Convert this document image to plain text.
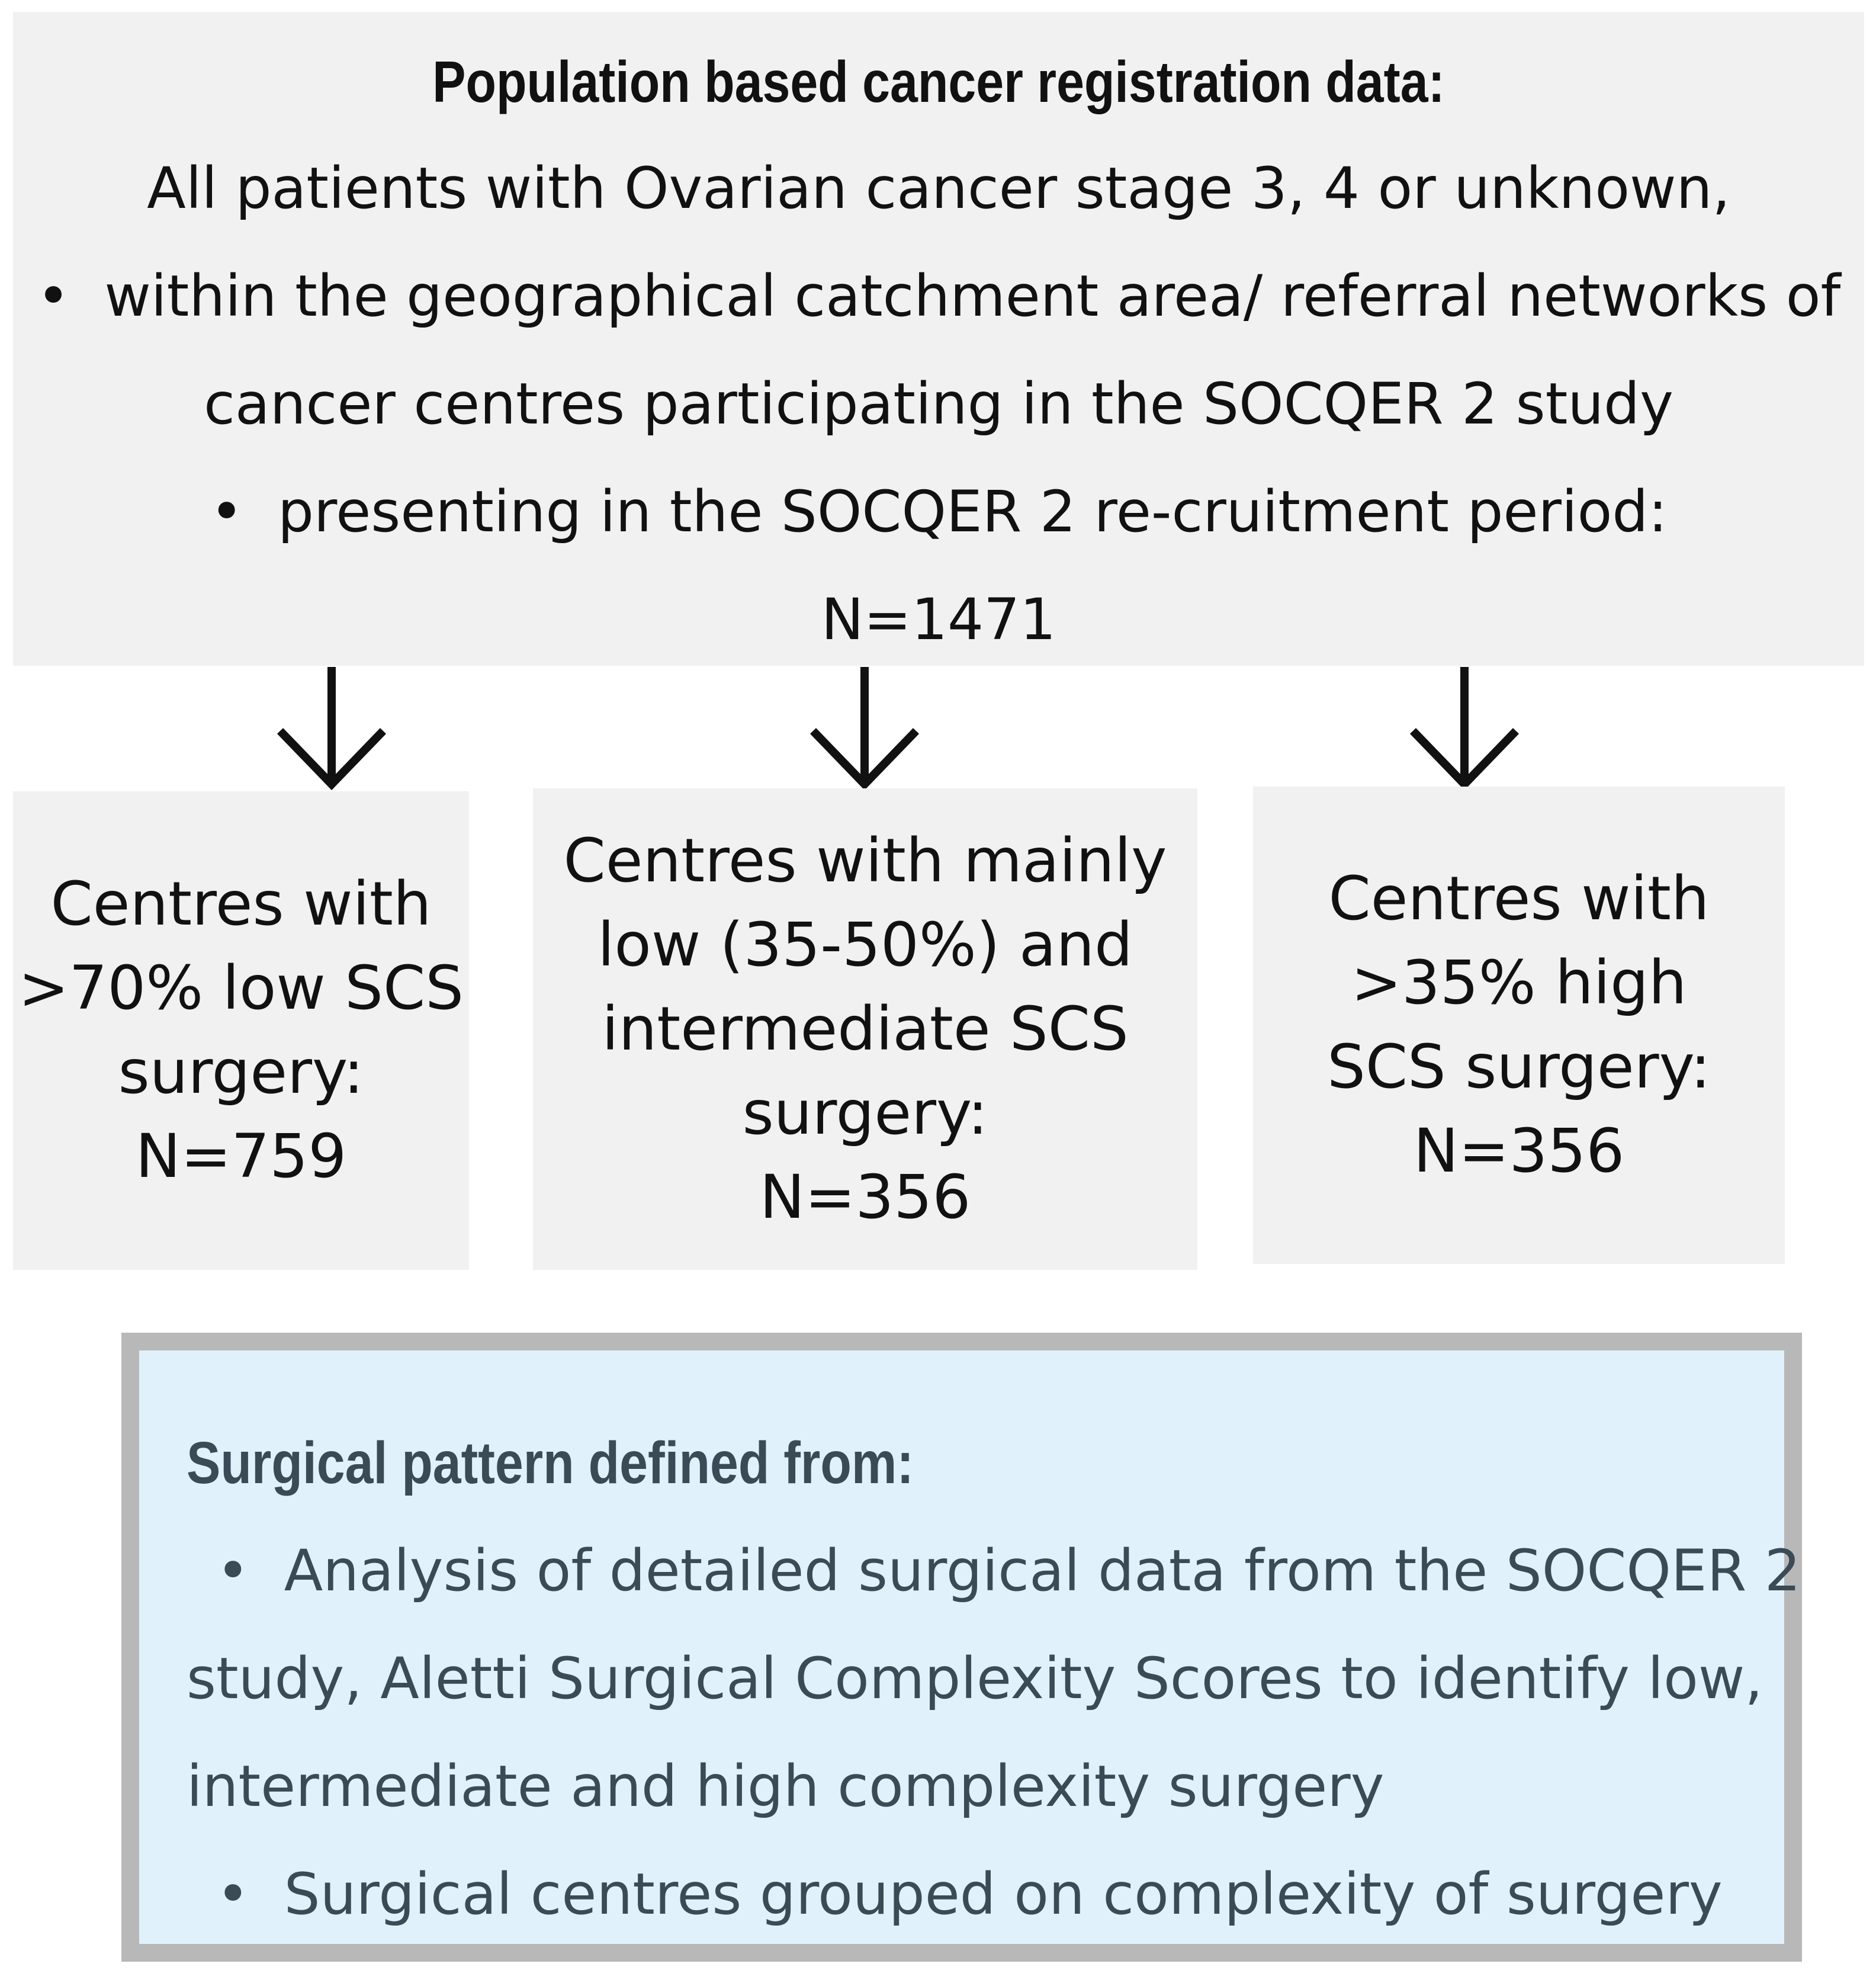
Population based cancer registration data:
All patients with Ovarian cancer stage 3, 4 or unknown,
• within the geographical catchment area/ referral networks of
cancer centres participating in the SOCQER 2 study
• presenting in the SOCQER 2 re-cruitment period:
N=1471
Centres with
>70% low SCS
surgery:
N=759
Centres with mainly
low (35-50%) and
intermediate SCS
surgery:
N=356
Centres with
>35% high
SCS surgery:
N=356
Surgical pattern defined from:
• Analysis of detailed surgical data from the SOCQER 2
study, Aletti Surgical Complexity Scores to identify low,
intermediate and high complexity surgery
• Surgical centres grouped on complexity of surgery
